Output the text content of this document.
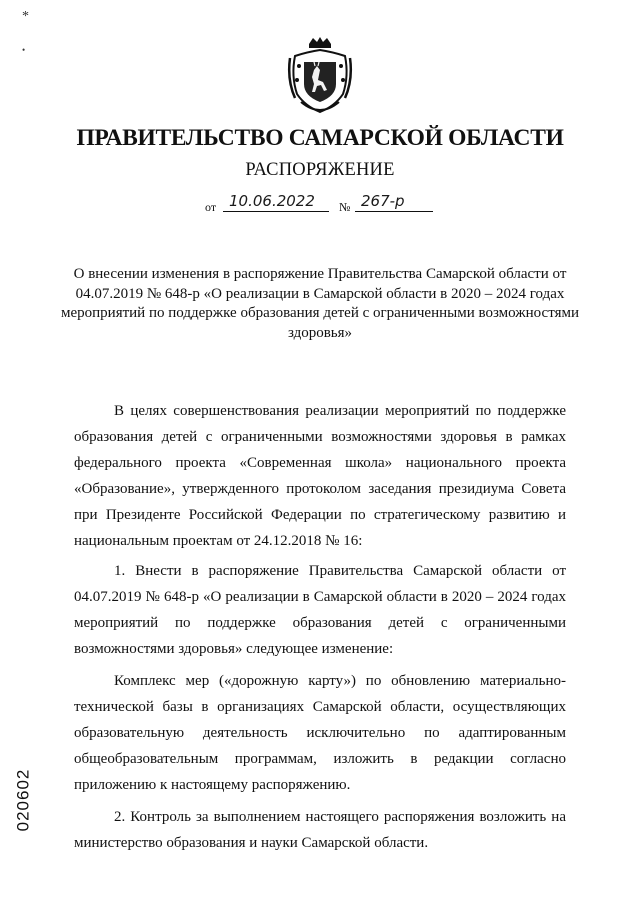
*
•
ПРАВИТЕЛЬСТВО САМАРСКОЙ ОБЛАСТИ
РАСПОРЯЖЕНИЕ
от 10.06.2022 № 267-р
О внесении изменения в распоряжение Правительства Самарской области от 04.07.2019 № 648-р «О реализации в Самарской области в 2020 – 2024 годах мероприятий по поддержке образования детей с ограниченными возможностями здоровья»

В целях совершенствования реализации мероприятий по поддержке образования детей с ограниченными возможностями здоровья в рамках федерального проекта «Современная школа» национального проекта «Образование», утвержденного протоколом заседания президиума Совета при Президенте Российской Федерации по стратегическому развитию и национальным проектам от 24.12.2018 № 16:

1. Внести в распоряжение Правительства Самарской области от 04.07.2019 № 648-р «О реализации в Самарской области в 2020 – 2024 годах мероприятий по поддержке образования детей с ограниченными возможностями здоровья» следующее изменение:

Комплекс мер («дорожную карту») по обновлению материально-технической базы в организациях Самарской области, осуществляющих образовательную деятельность исключительно по адаптированным общеобразовательным программам, изложить в редакции согласно приложению к настоящему распоряжению.

2. Контроль за выполнением настоящего распоряжения возложить на министерство образования и науки Самарской области.

020602
